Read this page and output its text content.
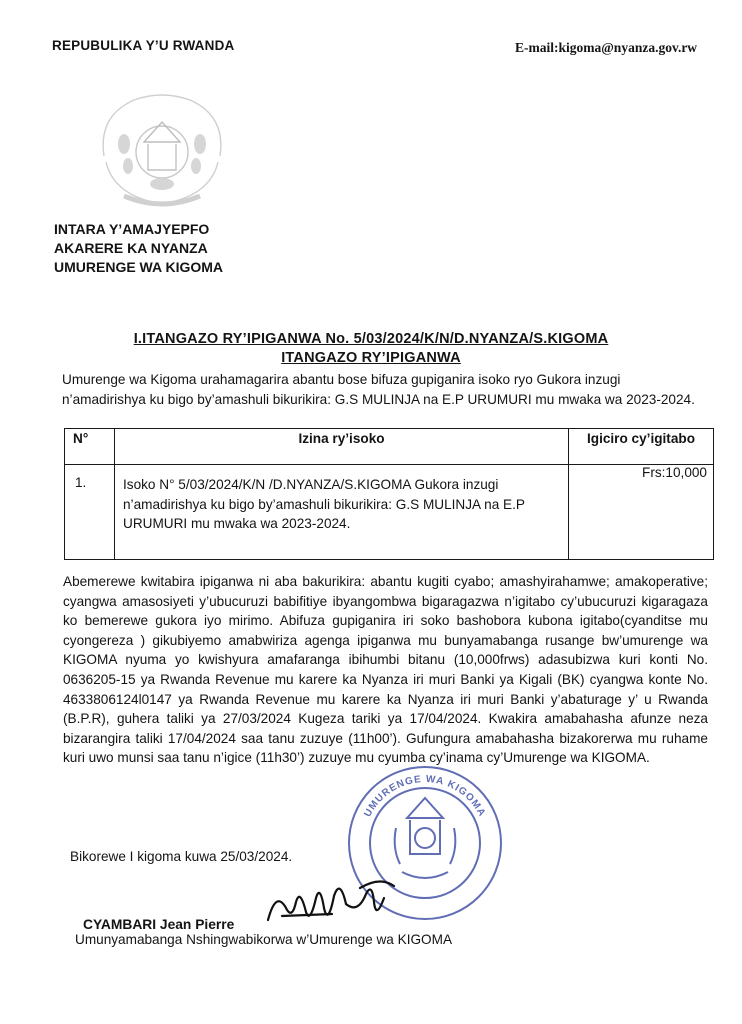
REPUBULIKA Y’U RWANDA	E-mail:kigoma@nyanza.gov.rw
INTARA Y’AMAJYEPFO
AKARERE KA NYANZA
UMURENGE WA KIGOMA
I.ITANGAZO RY’IPIGANWA No. 5/03/2024/K/N/D.NYANZA/S.KIGOMA
ITANGAZO RY’IPIGANWA
Umurenge wa Kigoma urahamagarira abantu bose bifuza gupiganira isoko ryo Gukora inzugi n’amadirishya ku bigo by’amashuli bikurikira: G.S MULINJA na E.P URUMURI mu mwaka wa 2023-2024.
N°	Izina ry’isoko	Igiciro cy’igitabo
1.	Isoko N° 5/03/2024/K/N /D.NYANZA/S.KIGOMA Gukora inzugi n’amadirishya ku bigo by’amashuli bikurikira: G.S MULINJA na E.P URUMURI mu mwaka wa 2023-2024.	Frs:10,000
Abemerewe kwitabira ipiganwa ni aba bakurikira: abantu kugiti cyabo; amashyirahamwe; amakoperative; cyangwa amasosiyeti y’ubucuruzi babifitiye ibyangombwa bigaragazwa n’igitabo cy’ubucuruzi kigaragaza ko bemerewe gukora iyo mirimo. Abifuza gupiganira iri soko bashobora kubona igitabo(cyanditse mu cyongereza ) gikubiyemo amabwiriza agenga ipiganwa mu bunyamabanga rusange bw’umurenge wa KIGOMA nyuma yo kwishyura amafaranga ibihumbi bitanu (10,000frws) adasubizwa kuri konti No. 0636205-15 ya Rwanda Revenue mu karere ka Nyanza iri muri Banki ya Kigali (BK) cyangwa konte No. 4633806124l0147 ya Rwanda Revenue mu karere ka Nyanza iri muri Banki y’abaturage y’ u Rwanda (B.P.R), guhera taliki ya 27/03/2024 Kugeza tariki ya 17/04/2024. Kwakira amabahasha afunze neza bizarangira taliki 17/04/2024 saa tanu zuzuye (11h00’). Gufungura amabahasha bizakorerwa mu ruhame kuri uwo munsi saa tanu n’igice (11h30’) zuzuye mu cyumba cy’inama cy’Umurenge wa KIGOMA.
Bikorewe I kigoma kuwa 25/03/2024.
UMURENGE WA KIGOMA
CYAMBARI Jean Pierre
Umunyamabanga Nshingwabikorwa w’Umurenge wa KIGOMA
